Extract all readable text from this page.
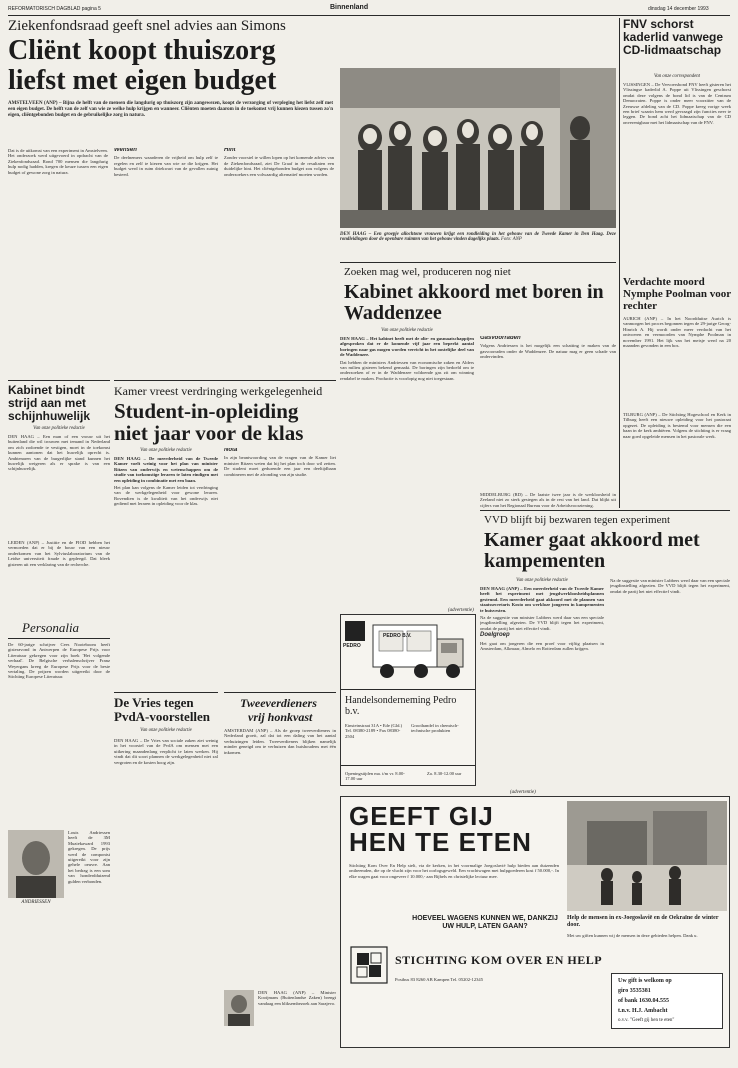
REFORMATORISCH DAGBLAD pagina 5	Binnenland	dinsdag 14 december 1993
Ziekenfondsraad geeft snel advies aan Simons
Cliënt koopt thuiszorg
liefst met eigen budget
AMSTELVEEN (ANP) – Bijna de helft van de mensen die langdurig op thuiszorg zijn aangewezen, koopt de verzorging of verpleging het liefst zelf met een eigen budget. De helft van de zelf van wie ze welke hulp krijgen en wanneer. Cliënten moeten daarom in de toekomst vrij kunnen kiezen tussen zo'n eigen, cliëntgebonden budget en de gebruikelijke zorg in natura.

Dat is de uitkomst van een experiment in Amstelveen. Het onderzoek werd uitgevoerd in opdracht van de Ziekenfondsraad. Rond 700 mensen die langdurig hulp nodig hadden, kregen de keuze tussen een eigen budget of gewone zorg in natura.

Wensen

De deelnemers waarderen de vrijheid om hulp zelf te regelen en zelf te kiezen van wie ze die krijgen. Het budget werd in ruim driekwart van de gevallen zuinig besteed.

Hint

Zonder voorstel te willen lopen op het komende advies van de Ziekenfondsraad, ziet De Graaf in de resultaten een duidelijke hint. Het cliëntgebonden budget zou volgens de onderzoekers een volwaardig alternatief moeten worden.

DEN HAAG – Een groepje allochtone vrouwen krijgt een rondleiding in het gebouw van de Tweede Kamer in Den Haag. Deze rondleidingen door de openbare ruimten van het gebouw vinden dagelijks plaats. Foto: ANP
FNV schorst kaderlid vanwege CD-lidmaatschap
Van onze correspondent
VLISSINGEN – De Vervoersbond FNV heeft gisteren het Vlissingse kaderlid A. Poppe uit Vlissingen geschorst omdat deze volgens de bond lid is van de Centrum Democraten. Poppe is onder meer voorzitter van de Zeeuwse afdeling van de CD. Poppe kreeg vorige week een brief waarin hem werd gevraagd zijn functies neer te leggen. De bond acht het lidmaatschap van de CD onverenigbaar met het lidmaatschap van de FNV.
Kabinet bindt strijd aan met schijnhuwelijk
Van onze politieke redactie
DEN HAAG – Een man of een vrouw uit het buitenland die wil trouwen met iemand in Nederland om zich zodoende te vestigen, moet in de toekomst kunnen aantonen dat het huwelijk oprecht is. Ambtenaren van de burgerlijke stand kunnen het huwelijk weigeren als er sprake is van een schijnhuwelijk.
LEIDEN (ANP) – Justitie en de FIOD hebben het vermoeden dat er bij de bouw van een nieuw onderkomen van het Sylviuslaboratorium van de Leidse universiteit fraude is gepleegd. Dat bleek gisteren uit een verklaring van de recherche.
Personalia
De 60-jarige schrijver Cees Nooteboom heeft gisteravond in Antwerpen de Europese Prijs voor Literatuur gekregen voor zijn boek 'Het volgende verhaal'. De Belgische verhalenschrijver Franz Weyergans kreeg de Europese Prijs voor de beste vertaling. De prijzen worden uitgereikt door de Stichting Europese Literatuur.
ANDRIESSEN
Louis Andriessen heeft de 3M Muziekaward 1993 gekregen. De prijs werd de componist uitgereikt voor zijn gehele oeuvre. Aan het bedrag is een som van honderdduizend gulden verbonden.
Kamer vreest verdringing werkgelegenheid
Student-in-opleiding niet jaar voor de klas
Van onze politieke redactie

DEN HAAG – De meerderheid van de Tweede Kamer voelt weinig voor het plan van minister Ritzen van onderwijs en wetenschappen om de studie van toekomstige leraren te laten eindigen met een opleiding in combinatie met een baan.

Het plan kan volgens de Kamer leiden tot verdringing van de werkgelegenheid voor gewone leraren. Bovendien is de kwaliteit van het onderwijs niet gediend met leraren in opleiding voor de klas.

Nota

In zijn beantwoording van de vragen van de Kamer liet minister Ritzen weten dat hij het plan toch door wil zetten. De student moet gedurende een jaar een deeltijdbaan combineren met de afronding van zijn studie.

De Vries tegen PvdA-voorstellen
Van onze politieke redactie
DEN HAAG – De Vries van sociale zaken ziet weinig in het voorstel van de PvdA om mensen met een uitkering maandenlang verplicht te laten werken. Hij vindt dat dit soort plannen de werkgelegenheid niet zal vergroten en de kosten hoog zijn.
Tweeverdieners
vrij honkvast
AMSTERDAM (ANP) – Als de groep tweeverdieners in Nederland groeit, zal dat tot een daling van het aantal verhuizingen leiden. Tweeverdieners blijken namelijk minder geneigd om te verhuizen dan huishoudens met één inkomen.
DEN HAAG (ANP) – Minister Kooijmans (Buitenlandse Zaken) brengt vandaag een bliksembezoek aan Sarajevo.
Zoeken mag wel, produceren nog niet
Kabinet akkoord met boren in Waddenzee
Van onze politieke redactie

DEN HAAG – Het kabinet heeft met de olie- en gasmaatschappijen afgesproken dat er de komende vijf jaar een beperkt aantal boringen naar gas mogen worden verricht in het oostelijke deel van de Waddenzee.

Dat hebben de ministers Andriessen van economische zaken en Alders van milieu gisteren bekend gemaakt. De boringen zijn bedoeld om te onderzoeken of er in de Waddenzee voldoende gas zit om winning rendabel te maken. Productie is voorlopig nog niet toegestaan.

Gasvoorraden

Volgens Andriessen is het mogelijk een schatting te maken van de gasvoorraden onder de Waddenzee. De natuur mag er geen schade van ondervinden.

MIDDELBURG (RD) – De laatste twee jaar is de werkloosheid in Zeeland niet zo sterk gestegen als in de rest van het land. Dat blijkt uit cijfers van het Regionaal Bureau voor de Arbeidsvoorziening.
Verdachte moord Nymphe Poolman voor rechter
AURICH (ANP) – In het Noordduitse Aurich is vanmorgen het proces begonnen tegen de 29-jarige Georg-Hinrich A. Hij wordt onder meer verdacht van het ontvoeren en vermoorden van Nymphe Poolman in november 1991. Het lijk van het meisje werd na 20 maanden gevonden in een bos.
TILBURG (ANP) – De Stichting Hogeschool en Kerk in Tilburg heeft een nieuwe opleiding voor het pastoraat opgezet. De opleiding is bestemd voor mensen die een baan in de kerk ambiëren. Volgens de stichting is er vraag naar goed opgeleide mensen in het pastorale werk.
VVD blijft bij bezwaren tegen experiment
Kamer gaat akkoord met kampementen
Van onze politieke redactie

DEN HAAG (ANP) – Een meerderheid van de Tweede Kamer heeft het experiment met jeugdwerkloosheidsplannen gesteund. Een meerderheid gaat akkoord met de plannen van staatssecretaris Kosto om werkloze jongeren in kampementen te huisvesten.

Na de suggestie van minister Lubbers werd daar van een speciale jeugdinstelling afgezien. De VVD blijft tegen het experiment, omdat de partij het niet effectief vindt.

Doelgroep

Het gaat om jongeren die een proef voor vijftig plaatsen in Amsterdam, Alkmaar, Almelo en Rotterdam zullen krijgen.

Na de suggestie van minister Lubbers werd daar van een speciale jeugdinstelling afgezien. De VVD blijft tegen het experiment, omdat de partij het niet effectief vindt.

(advertentie)
PEDRO
PEDRO B.V.
Handelsonderneming Pedro b.v.
Einsteinstraat 31A • Ede (Gld.) Tel. 08380-2189 • Fax 08380-2504
Groothandel in chemisch-technische produkten
Openingstijden ma. t/m vr. 8.00-17.00 uur
Za. 8.30-12.00 uur
(advertentie)
GEEFT GIJ
HEN TE ETEN
Stichting Kom Over En Help stelt, via de kerken, in het voormalige Joegoslavië hulp bieden aan duizenden ontheemden, die op de vlucht zijn voor het oorlogsgeweld. Een vrachtwagen met hulpgoederen kost f 50.000,-. In elke wagen gaat voor ongeveer f 10.000,- aan Bijbels en christelijke lectuur mee.
Help de mensen in ex-Joegoslavië en de Oekraïne de winter door.
Met uw giften kunnen wij de mensen in deze gebieden helpen. Dank u.
HOEVEEL WAGENS KUNNEN WE, DANKZIJ UW HULP, LATEN GAAN?
STICHTING KOM OVER EN HELP
Postbus 83 8260 AB Kampen Tel. 05202-12345	Uw gift is welkom op
giro 3535381
of bank 1630.04.555
t.n.v. H.J. Ambacht
o.v.v. "Geeft gij hen te eten"
